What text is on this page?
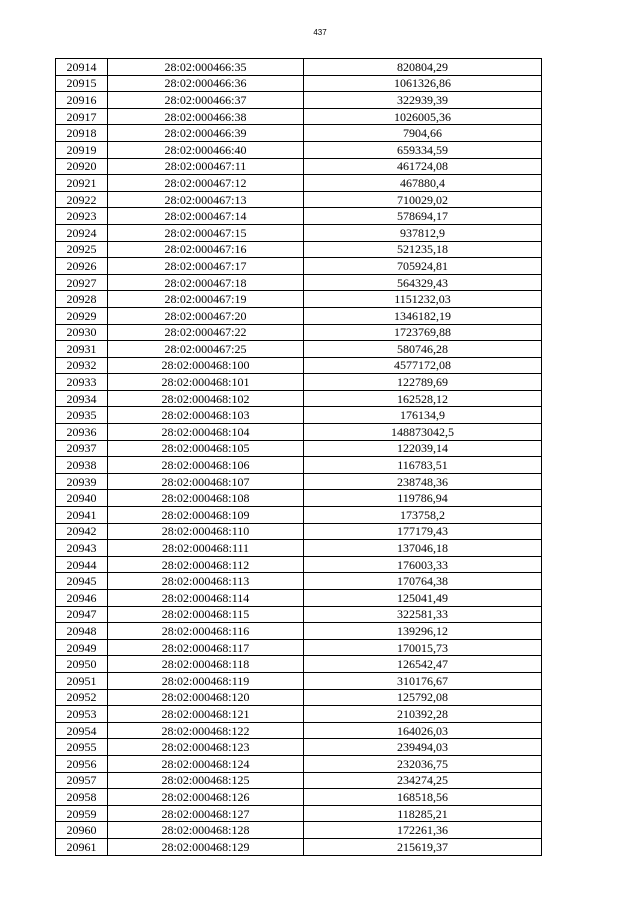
437
20914	28:02:000466:35	820804,29
20915	28:02:000466:36	1061326,86
20916	28:02:000466:37	322939,39
20917	28:02:000466:38	1026005,36
20918	28:02:000466:39	7904,66
20919	28:02:000466:40	659334,59
20920	28:02:000467:11	461724,08
20921	28:02:000467:12	467880,4
20922	28:02:000467:13	710029,02
20923	28:02:000467:14	578694,17
20924	28:02:000467:15	937812,9
20925	28:02:000467:16	521235,18
20926	28:02:000467:17	705924,81
20927	28:02:000467:18	564329,43
20928	28:02:000467:19	1151232,03
20929	28:02:000467:20	1346182,19
20930	28:02:000467:22	1723769,88
20931	28:02:000467:25	580746,28
20932	28:02:000468:100	4577172,08
20933	28:02:000468:101	122789,69
20934	28:02:000468:102	162528,12
20935	28:02:000468:103	176134,9
20936	28:02:000468:104	148873042,5
20937	28:02:000468:105	122039,14
20938	28:02:000468:106	116783,51
20939	28:02:000468:107	238748,36
20940	28:02:000468:108	119786,94
20941	28:02:000468:109	173758,2
20942	28:02:000468:110	177179,43
20943	28:02:000468:111	137046,18
20944	28:02:000468:112	176003,33
20945	28:02:000468:113	170764,38
20946	28:02:000468:114	125041,49
20947	28:02:000468:115	322581,33
20948	28:02:000468:116	139296,12
20949	28:02:000468:117	170015,73
20950	28:02:000468:118	126542,47
20951	28:02:000468:119	310176,67
20952	28:02:000468:120	125792,08
20953	28:02:000468:121	210392,28
20954	28:02:000468:122	164026,03
20955	28:02:000468:123	239494,03
20956	28:02:000468:124	232036,75
20957	28:02:000468:125	234274,25
20958	28:02:000468:126	168518,56
20959	28:02:000468:127	118285,21
20960	28:02:000468:128	172261,36
20961	28:02:000468:129	215619,37
